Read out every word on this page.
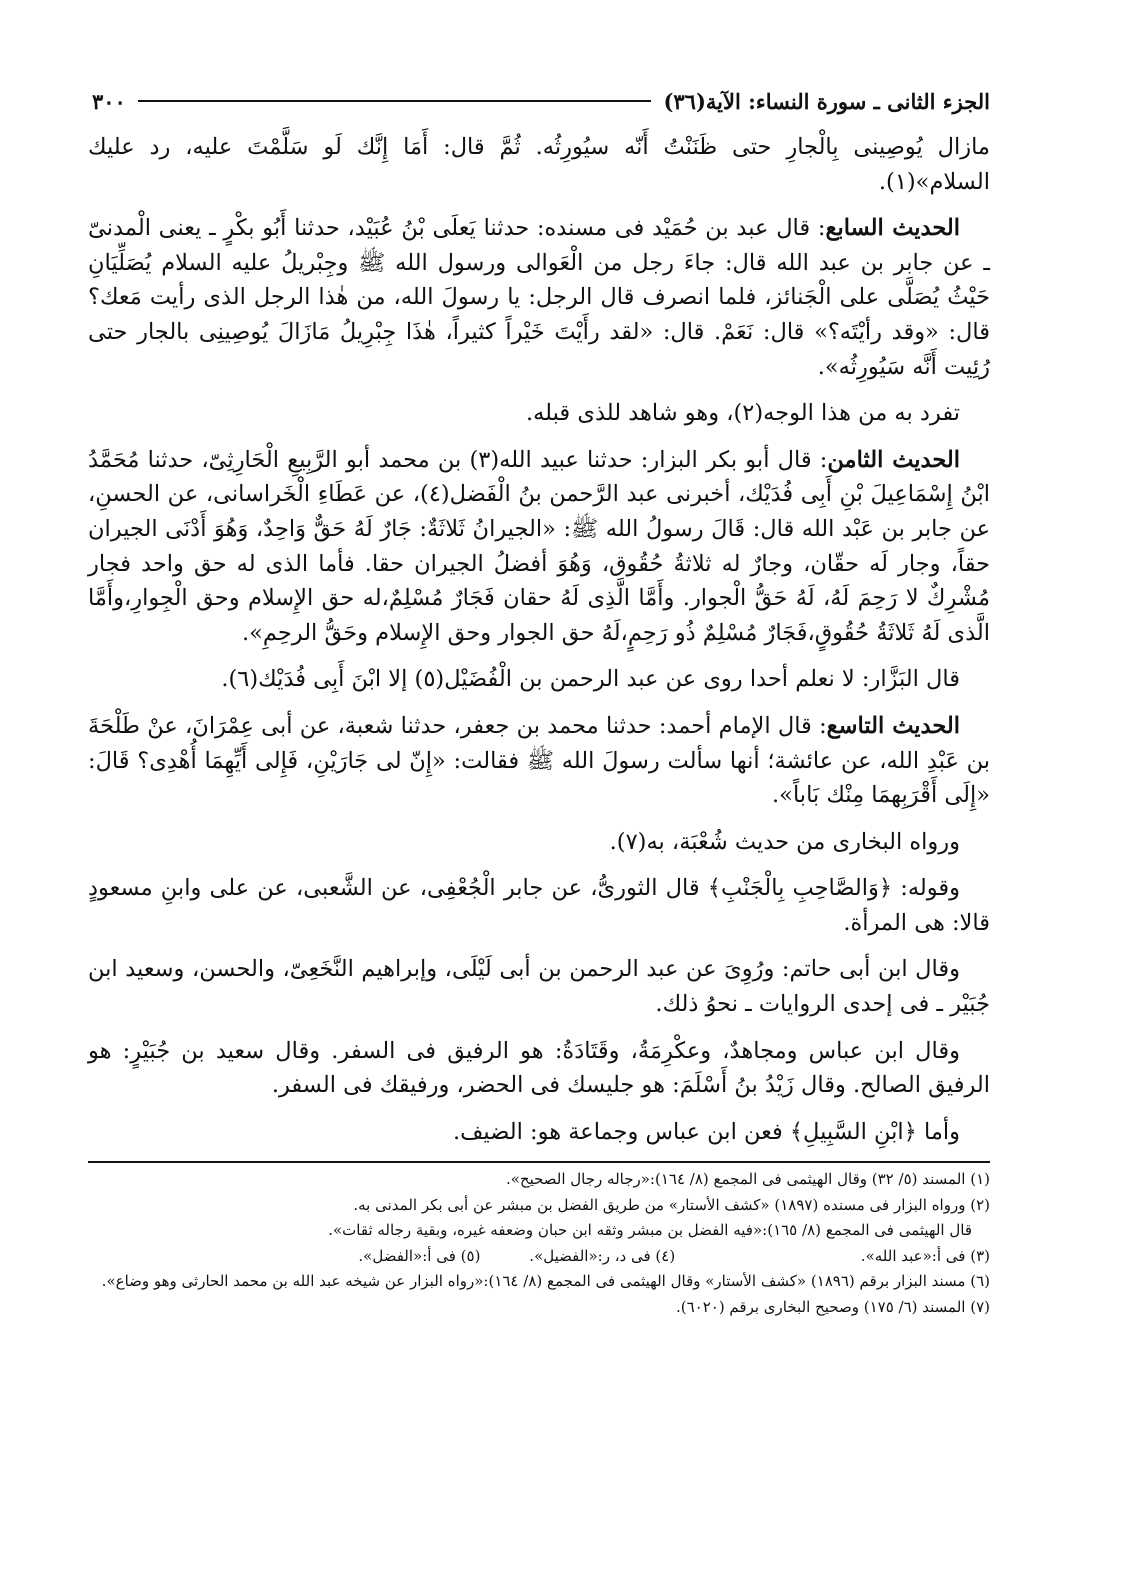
الجزء الثانى ـ سورة النساء: الآية(٣٦)
٣٠٠

مازال يُوصِينى بِالْجارِ حتى ظَنَنْتُ أَنّه سيُورِثُه. ثُمَّ قال: أَمَا إِنَّك لَو سَلَّمْتَ عليه، رد عليك السلام»(١).

الحديث السابع: قال عبد بن حُمَيْد فى مسنده: حدثنا يَعلَى بْنُ عُبَيْد، حدثنا أَبُو بكْرٍ ـ يعنى الْمدنىّ ـ عن جابر بن عبد الله قال: جاءَ رجل من الْعَوالى ورسول الله ﷺ وجِبْريلُ عليه السلام يُصَلِّيَانِ حَيْثُ يُصَلَّى على الْجَنائز، فلما انصرف قال الرجل: يا رسولَ الله، من هٰذا الرجل الذى رأيت مَعك؟ قال: «وقد رأيْتَه؟» قال: نَعَمْ. قال: «لقد رأَيْتَ خَيْراً كثيراً، هٰذَا جِبْرِيلُ مَازَالَ يُوصِينِى بالجار حتى رُئِيت أَنَّه سَيُورِثُه».

تفرد به من هذا الوجه(٢)، وهو شاهد للذى قبله.

الحديث الثامن: قال أبو بكر البزار: حدثنا عبيد الله(٣) بن محمد أبو الرَّبِيعِ الْحَارِثِىّ، حدثنا مُحَمَّدُ ابْنُ إِسْمَاعِيلَ بْنِ أَبِى فُدَيْك، أخبرنى عبد الرَّحمن بنُ الْفَضل(٤)، عن عَطَاءِ الْخَراسانى، عن الحسنِ، عن جابر بن عَبْد الله قال: قَالَ رسولُ الله ﷺ: «الجيرانُ ثَلاثَةٌ: جَارٌ لَهُ حَقٌّ وَاحِدٌ، وَهُوَ أَدْنَى الجيران حقاً، وجار لَه حقّان، وجارٌ له ثلاثةُ حُقُوق، وَهُوَ أفضلُ الجيران حقا. فأما الذى له حق واحد فجار مُشْرِكٌ لا رَحِمَ لَهُ، لَهُ حَقُّ الْجوار. وأَمَّا الَّذِى لَهُ حقان فَجَارٌ مُسْلِمٌ،له حق الإِسلام وحق الْجِوارِ،وأَمَّا الَّذى لَهُ ثَلاثَةُ حُقُوقٍ،فَجَارٌ مُسْلِمٌ ذُو رَحِمٍ،لَهُ حق الجوار وحق الإِسلام وحَقُّ الرحِمِ».

قال البَزَّار: لا نعلم أحدا روى عن عبد الرحمن بن الْفُضَيْل(٥) إلا ابْنَ أَبِى فُدَيْك(٦).

الحديث التاسع: قال الإمام أحمد: حدثنا محمد بن جعفر، حدثنا شعبة، عن أبى عِمْرَانَ، عنْ طَلْحَةَ بن عَبْدِ الله، عن عائشة؛ أنها سألت رسولَ الله ﷺ فقالت: «إِنّ لى جَارَيْنِ، فَإِلى أَيِّهِمَا أُهْدِى؟ قَالَ: «إِلَى أَقْرَبِهمَا مِنْك بَاباً».

ورواه البخارى من حديث شُعْبَة، به(٧).

وقوله: ﴿وَالصَّاحِبِ بِالْجَنْبِ﴾ قال الثورىُّ، عن جابر الْجُعْفِى، عن الشَّعبى، عن على وابنِ مسعودٍ قالا: هى المرأة.

وقال ابن أبى حاتم: ورُوِىَ عن عبد الرحمن بن أبى لَيْلَى، وإبراهيم النَّخَعِىّ، والحسن، وسعيد ابن جُبَيْر ـ فى إحدى الروايات ـ نحوُ ذلك.

وقال ابن عباس ومجاهدٌ، وعكْرِمَةُ، وقَتَادَةُ: هو الرفيق فى السفر. وقال سعيد بن جُبَيْرٍ: هو الرفيق الصالح. وقال زَيْدُ بنُ أَسْلَمَ: هو جليسك فى الحضر، ورفيقك فى السفر.

وأما ﴿ابْنِ السَّبِيلِ﴾ فعن ابن عباس وجماعة هو: الضيف.

(١) المسند (٥/ ٣٢) وقال الهيثمى فى المجمع (٨/ ١٦٤):«رجاله رجال الصحيح».

(٢) ورواه البزار فى مسنده (١٨٩٧) «كشف الأستار» من طريق الفضل بن مبشر عن أبى بكر المدنى به.

قال الهيثمى فى المجمع (٨/ ١٦٥):«فيه الفضل بن مبشر وثقه ابن حبان وضعفه غيره، وبقية رجاله ثقات».

(٣) فى أ:«عبد الله». (٤) فى د، ر:«الفضيل». (٥) فى أ:«الفضل».

(٦) مسند البزار برقم (١٨٩٦) «كشف الأستار» وقال الهيثمى فى المجمع (٨/ ١٦٤):«رواه البزار عن شيخه عبد الله بن محمد الحارثى وهو وضاع».

(٧) المسند (٦/ ١٧٥) وصحيح البخارى برقم (٦٠٢٠).
